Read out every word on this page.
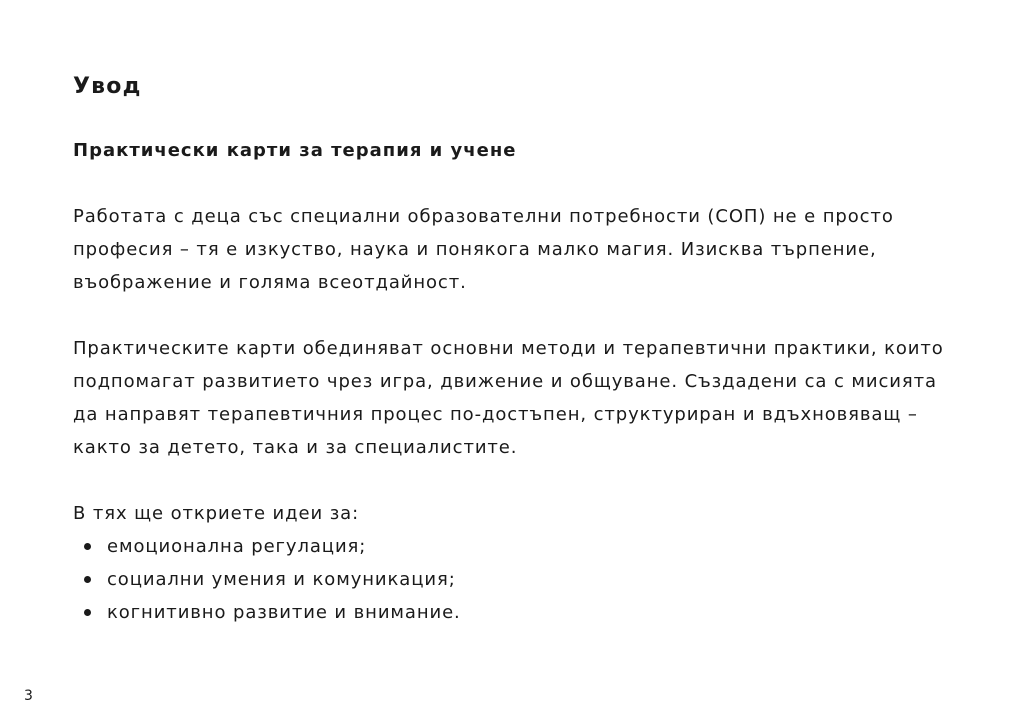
Увод
Практически карти за терапия и учене

Работата с деца със специални образователни потребности (СОП) не е просто професия – тя е изкуство, наука и понякога малко магия. Изисква търпение, въображение и голяма всеотдайност.

Практическите карти обединяват основни методи и терапевтични практики, които подпомагат развитието чрез игра, движение и общуване. Създадени са с мисията да направят терапевтичния процес по-достъпен, структуриран и вдъхновяващ – както за детето, така и за специалистите.

В тях ще откриете идеи за:

емоционална регулация;
социални умения и комуникация;
когнитивно развитие и внимание.
3
